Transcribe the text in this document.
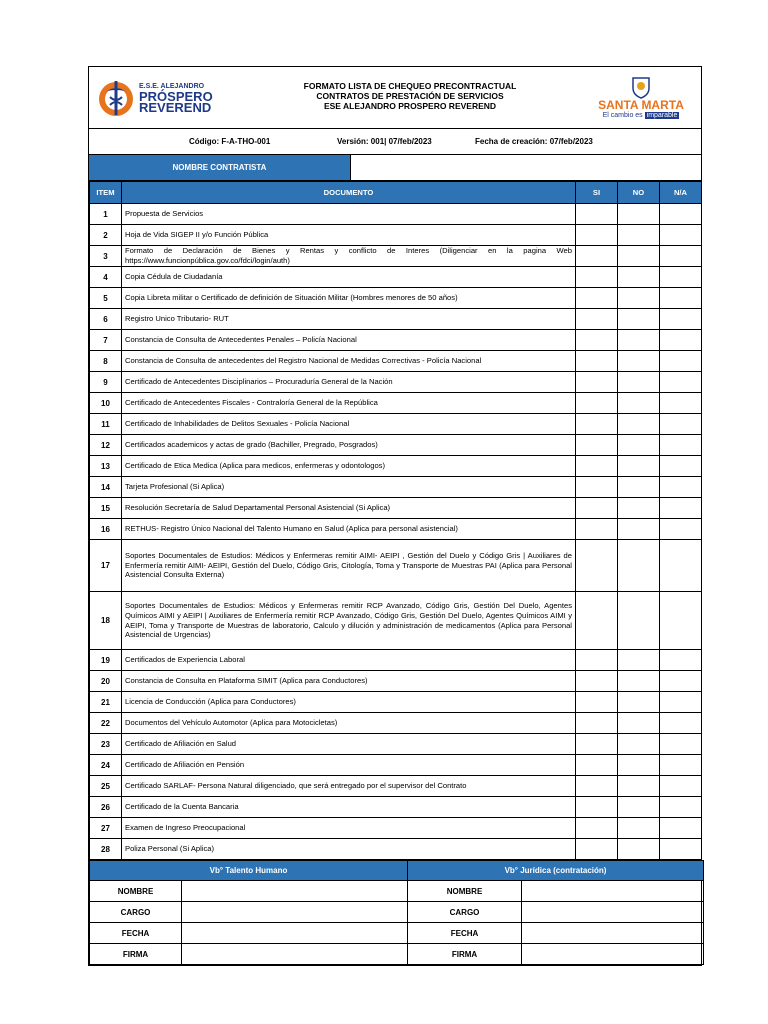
E.S.E. ALEJANDRO
PRÓSPERO
REVEREND
FORMATO LISTA DE CHEQUEO PRECONTRACTUAL
CONTRATOS DE PRESTACIÓN DE SERVICIOS
ESE ALEJANDRO PROSPERO REVEREND	SANTA MARTA
El cambio es imparable
Código: F-A-THO-001	Versión: 001| 07/feb/2023	Fecha de creación: 07/feb/2023
NOMBRE CONTRATISTA
ITEM	DOCUMENTO	SI	NO	N/A
1	Propuesta de Servicios			
2	Hoja de Vida SIGEP II y/o Función Pública			
3	Formato de Declaración de Bienes y Rentas y conflicto de Interes (Diligenciar en la pagina Web https://www.funcionpública.gov.co/fdci/login/auth)			
4	Copia Cédula de Ciudadanía			
5	Copia Libreta militar o Certificado de definición de Situación Militar (Hombres menores de 50 años)			
6	Registro Unico Tributario- RUT			
7	Constancia de Consulta de Antecedentes Penales – Policía Nacional			
8	Constancia de Consulta de antecedentes del Registro Nacional de Medidas Correctivas - Policía Nacional			
9	Certificado de Antecedentes Disciplinarios – Procuraduría General de la Nación			
10	Certificado de Antecedentes Fiscales - Contraloría General de la República			
11	Certificado de Inhabilidades de Delitos Sexuales - Policía Nacional			
12	Certificados academicos y actas de grado (Bachiller, Pregrado, Posgrados)			
13	Certificado de Etica Medica (Aplica para medicos, enfermeras y odontologos)			
14	Tarjeta Profesional (Si Aplica)			
15	Resolución Secretaría de Salud Departamental Personal Asistencial (Si Aplica)			
16	RETHUS- Registro Único Nacional del Talento Humano en Salud (Aplica para personal asistencial)			
17	Soportes Documentales de Estudios: Médicos y Enfermeras remitir AIMI- AEIPI , Gestión del Duelo y Código Gris | Auxiliares de Enfermería remitir AIMI- AEIPI, Gestión del Duelo, Código Gris, Citología, Toma y Transporte de Muestras PAI (Aplica para Personal Asistencial Consulta Externa)			
18	Soportes Documentales de Estudios: Médicos y Enfermeras remitir RCP Avanzado, Código Gris, Gestión Del Duelo, Agentes Químicos AIMI y AEIPI | Auxiliares de Enfermería remitir RCP Avanzado, Código Gris, Gestión Del Duelo, Agentes Químicos AIMI y AEIPI, Toma y Transporte de Muestras de laboratorio, Calculo y dilución y administración de medicamentos (Aplica para Personal Asistencial de Urgencias)			
19	Certificados de Experiencia Laboral			
20	Constancia de Consulta en Plataforma SIMIT (Aplica para Conductores)			
21	Licencia de Conducción (Aplica para Conductores)			
22	Documentos del Vehículo Automotor (Aplica para Motocicletas)			
23	Certificado de Afiliación en Salud			
24	Certificado de Afiliación en Pensión			
25	Certificado SARLAF- Persona Natural diligenciado, que será entregado por el supervisor del Contrato			
26	Certificado de la Cuenta Bancaria			
27	Examen de Ingreso Preocupacional			
28	Poliza Personal (Si Aplica)			
Vb° Talento Humano		Vb° Jurídica (contratación)	
NOMBRE		NOMBRE	
CARGO		CARGO	
FECHA		FECHA	
FIRMA		FIRMA	
